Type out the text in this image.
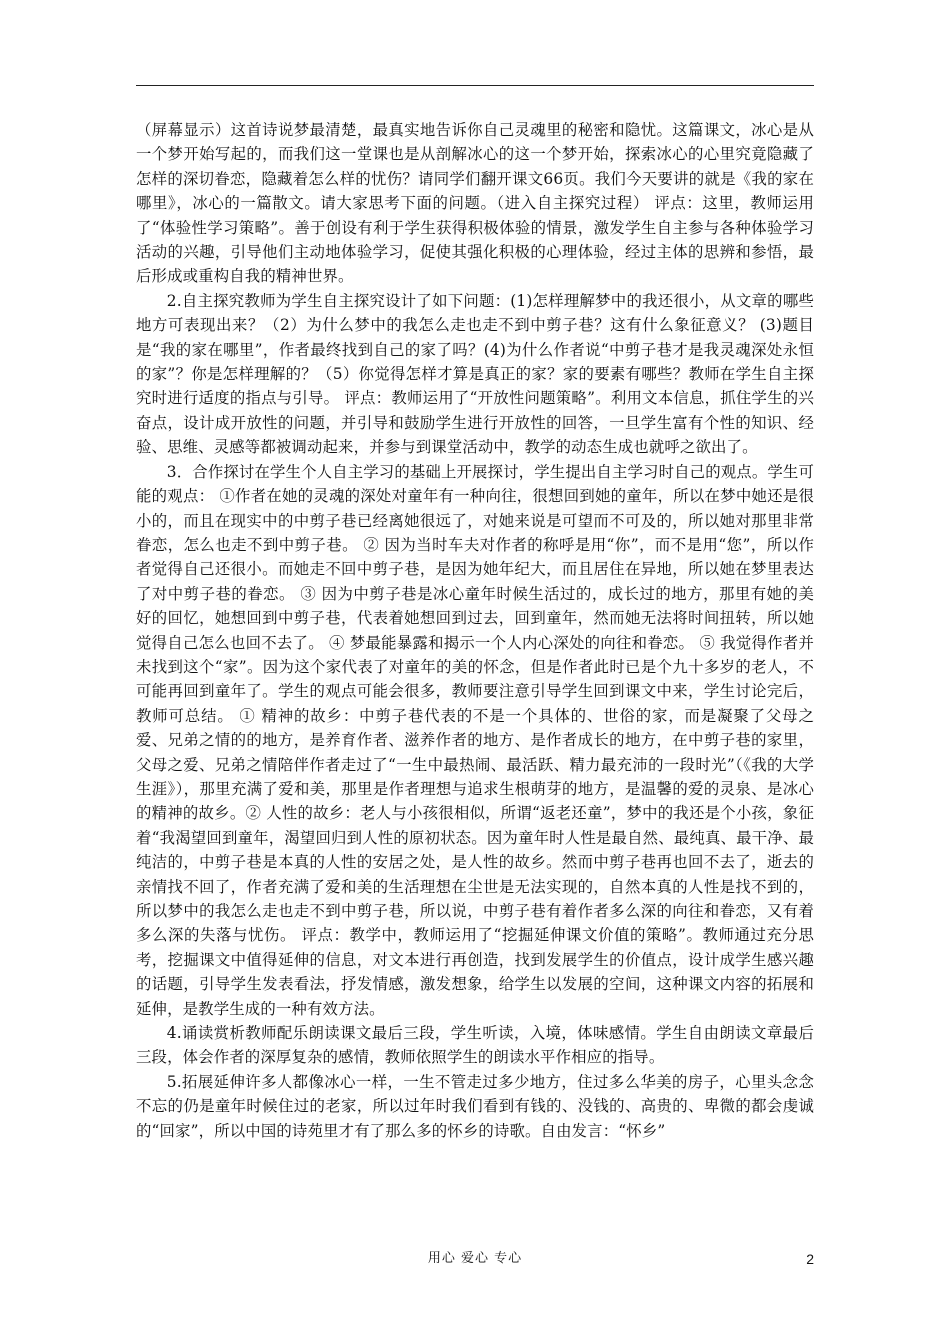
（屏幕显示）这首诗说梦最清楚，最真实地告诉你自己灵魂里的秘密和隐忧。这篇课文，冰心是从一个梦开始写起的，而我们这一堂课也是从剖解冰心的这一个梦开始，探索冰心的心里究竟隐藏了怎样的深切眷恋，隐藏着怎么样的忧伤？请同学们翻开课文66页。我们今天要讲的就是《我的家在哪里》，冰心的一篇散文。请大家思考下面的问题。（进入自主探究过程） 评点：这里，教师运用了“体验性学习策略”。善于创设有利于学生获得积极体验的情景，激发学生自主参与各种体验学习活动的兴趣，引导他们主动地体验学习，促使其强化积极的心理体验，经过主体的思辨和参悟，最后形成或重构自我的精神世界。

2.自主探究教师为学生自主探究设计了如下问题：(1)怎样理解梦中的我还很小，从文章的哪些地方可表现出来？（2）为什么梦中的我怎么走也走不到中剪子巷？这有什么象征意义？ (3)题目是“我的家在哪里”，作者最终找到自己的家了吗？(4)为什么作者说“中剪子巷才是我灵魂深处永恒的家”？你是怎样理解的？（5）你觉得怎样才算是真正的家？家的要素有哪些？教师在学生自主探究时进行适度的指点与引导。 评点：教师运用了“开放性问题策略”。利用文本信息，抓住学生的兴奋点，设计成开放性的问题，并引导和鼓励学生进行开放性的回答，一旦学生富有个性的知识、经验、思维、灵感等都被调动起来，并参与到课堂活动中，教学的动态生成也就呼之欲出了。

3．合作探讨在学生个人自主学习的基础上开展探讨，学生提出自主学习时自己的观点。学生可能的观点： ①作者在她的灵魂的深处对童年有一种向往，很想回到她的童年，所以在梦中她还是很小的，而且在现实中的中剪子巷已经离她很远了，对她来说是可望而不可及的，所以她对那里非常眷恋，怎么也走不到中剪子巷。 ② 因为当时车夫对作者的称呼是用“你”，而不是用“您”，所以作者觉得自己还很小。而她走不回中剪子巷，是因为她年纪大，而且居住在异地，所以她在梦里表达了对中剪子巷的眷恋。 ③ 因为中剪子巷是冰心童年时候生活过的，成长过的地方，那里有她的美好的回忆，她想回到中剪子巷，代表着她想回到过去，回到童年，然而她无法将时间扭转，所以她觉得自己怎么也回不去了。 ④ 梦最能暴露和揭示一个人内心深处的向往和眷恋。 ⑤ 我觉得作者并未找到这个“家”。因为这个家代表了对童年的美的怀念，但是作者此时已是个九十多岁的老人，不可能再回到童年了。学生的观点可能会很多，教师要注意引导学生回到课文中来，学生讨论完后，教师可总结。 ① 精神的故乡：中剪子巷代表的不是一个具体的、世俗的家，而是凝聚了父母之爱、兄弟之情的的地方，是养育作者、滋养作者的地方、是作者成长的地方，在中剪子巷的家里，父母之爱、兄弟之情陪伴作者走过了“一生中最热闹、最活跃、精力最充沛的一段时光”（《我的大学生涯》），那里充满了爱和美，那里是作者理想与追求生根萌芽的地方，是温馨的爱的灵泉、是冰心的精神的故乡。② 人性的故乡：老人与小孩很相似，所谓“返老还童”，梦中的我还是个小孩，象征着“我渴望回到童年，渴望回归到人性的原初状态。因为童年时人性是最自然、最纯真、最干净、最纯洁的，中剪子巷是本真的人性的安居之处，是人性的故乡。然而中剪子巷再也回不去了，逝去的亲情找不回了，作者充满了爱和美的生活理想在尘世是无法实现的，自然本真的人性是找不到的，所以梦中的我怎么走也走不到中剪子巷，所以说，中剪子巷有着作者多么深的向往和眷恋，又有着多么深的失落与忧伤。 评点：教学中，教师运用了“挖掘延伸课文价值的策略”。教师通过充分思考，挖掘课文中值得延伸的信息，对文本进行再创造，找到发展学生的价值点，设计成学生感兴趣的话题，引导学生发表看法，抒发情感，激发想象，给学生以发展的空间，这种课文内容的拓展和延伸，是教学生成的一种有效方法。

4.诵读赏析教师配乐朗读课文最后三段，学生听读，入境，体味感情。学生自由朗读文章最后三段，体会作者的深厚复杂的感情，教师依照学生的朗读水平作相应的指导。

5.拓展延伸许多人都像冰心一样，一生不管走过多少地方，住过多么华美的房子，心里头念念不忘的仍是童年时候住过的老家，所以过年时我们看到有钱的、没钱的、高贵的、卑微的都会虔诚的“回家”，所以中国的诗苑里才有了那么多的怀乡的诗歌。自由发言：“怀乡”

用心 爱心 专心	2
